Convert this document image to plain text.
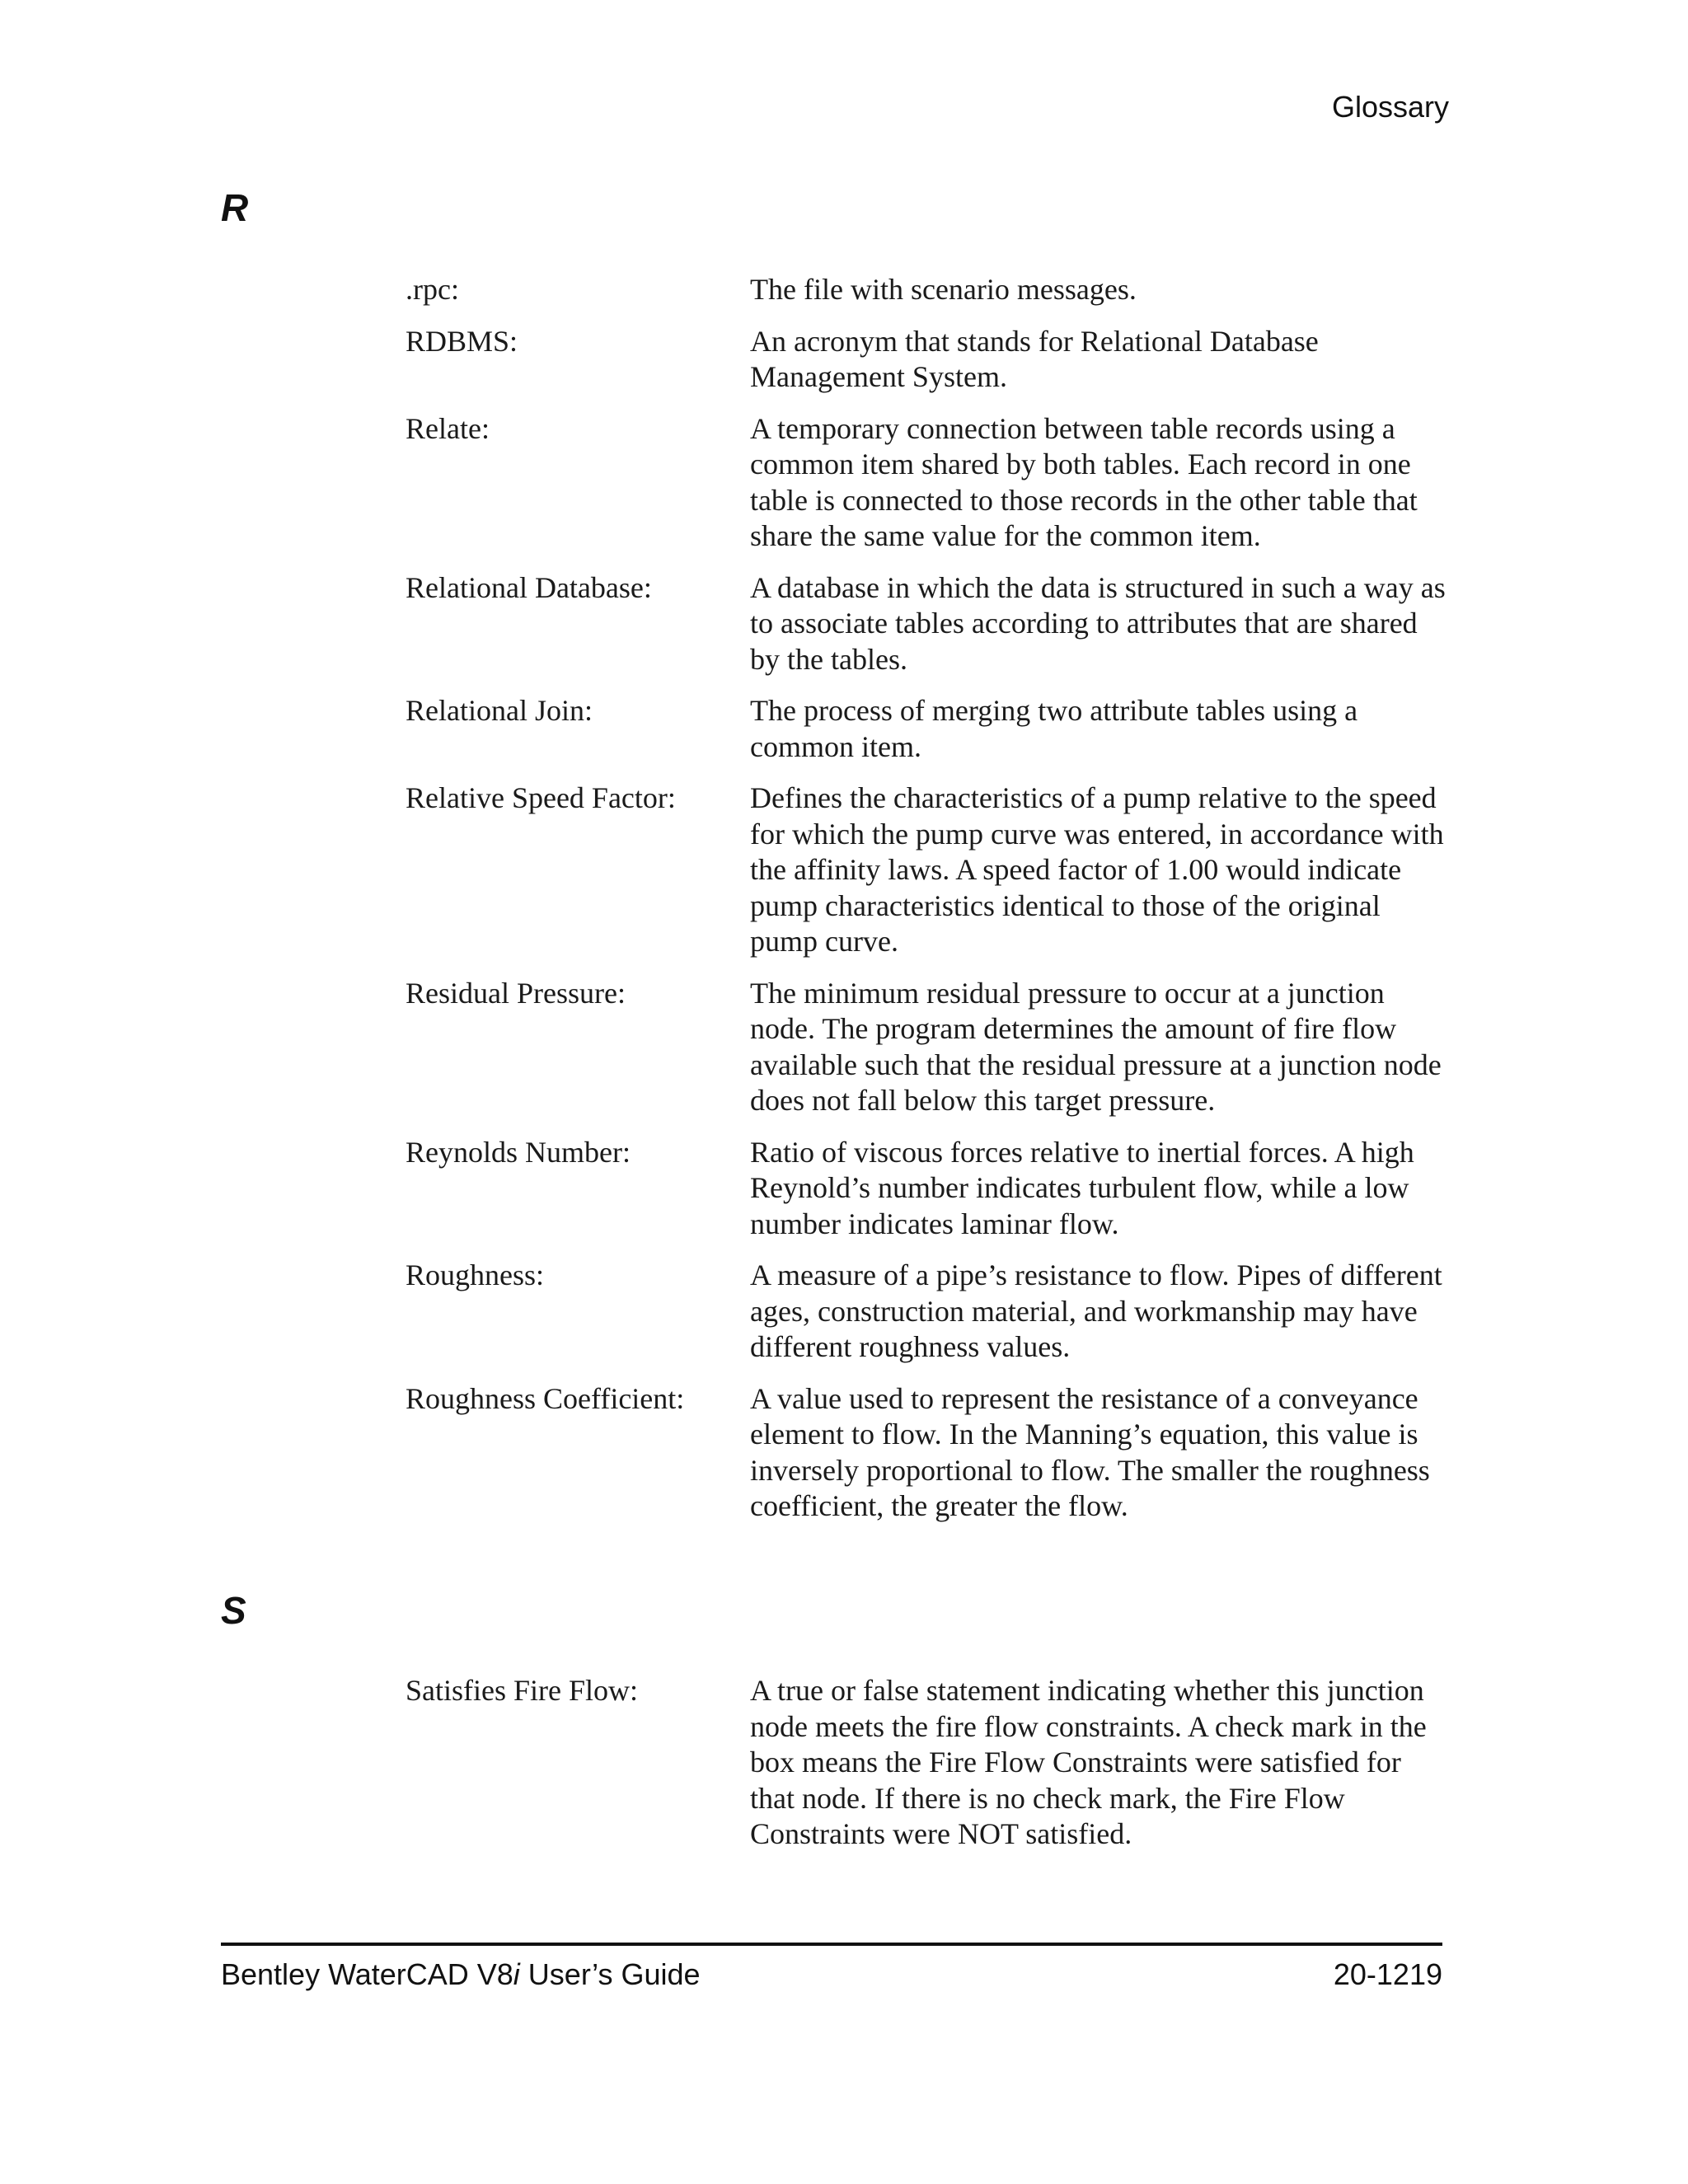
Glossary
R
.rpc:	The file with scenario messages.
RDBMS:	An acronym that stands for Relational Database Management System.
Relate:	A temporary connection between table records using a common item shared by both tables. Each record in one table is connected to those records in the other table that share the same value for the common item.
Relational Database:	A database in which the data is structured in such a way as to associate tables according to attributes that are shared by the tables.
Relational Join:	The process of merging two attribute tables using a common item.
Relative Speed Factor:	Defines the characteristics of a pump relative to the speed for which the pump curve was entered, in accordance with the affinity laws. A speed factor of 1.00 would indicate pump characteristics identical to those of the original pump curve.
Residual Pressure:	The minimum residual pressure to occur at a junction node. The program determines the amount of fire flow available such that the residual pressure at a junction node does not fall below this target pressure.
Reynolds Number:	Ratio of viscous forces relative to inertial forces. A high Reynold’s number indicates turbulent flow, while a low number indicates laminar flow.
Roughness:	A measure of a pipe’s resistance to flow. Pipes of different ages, construction material, and workmanship may have different roughness values.
Roughness Coefficient:	A value used to represent the resistance of a conveyance element to flow. In the Manning’s equation, this value is inversely proportional to flow. The smaller the roughness coefficient, the greater the flow.
S
Satisfies Fire Flow:	A true or false statement indicating whether this junction node meets the fire flow constraints. A check mark in the box means the Fire Flow Constraints were satisfied for that node. If there is no check mark, the Fire Flow Constraints were NOT satisfied.
Bentley WaterCAD V8i User’s Guide	20-1219
